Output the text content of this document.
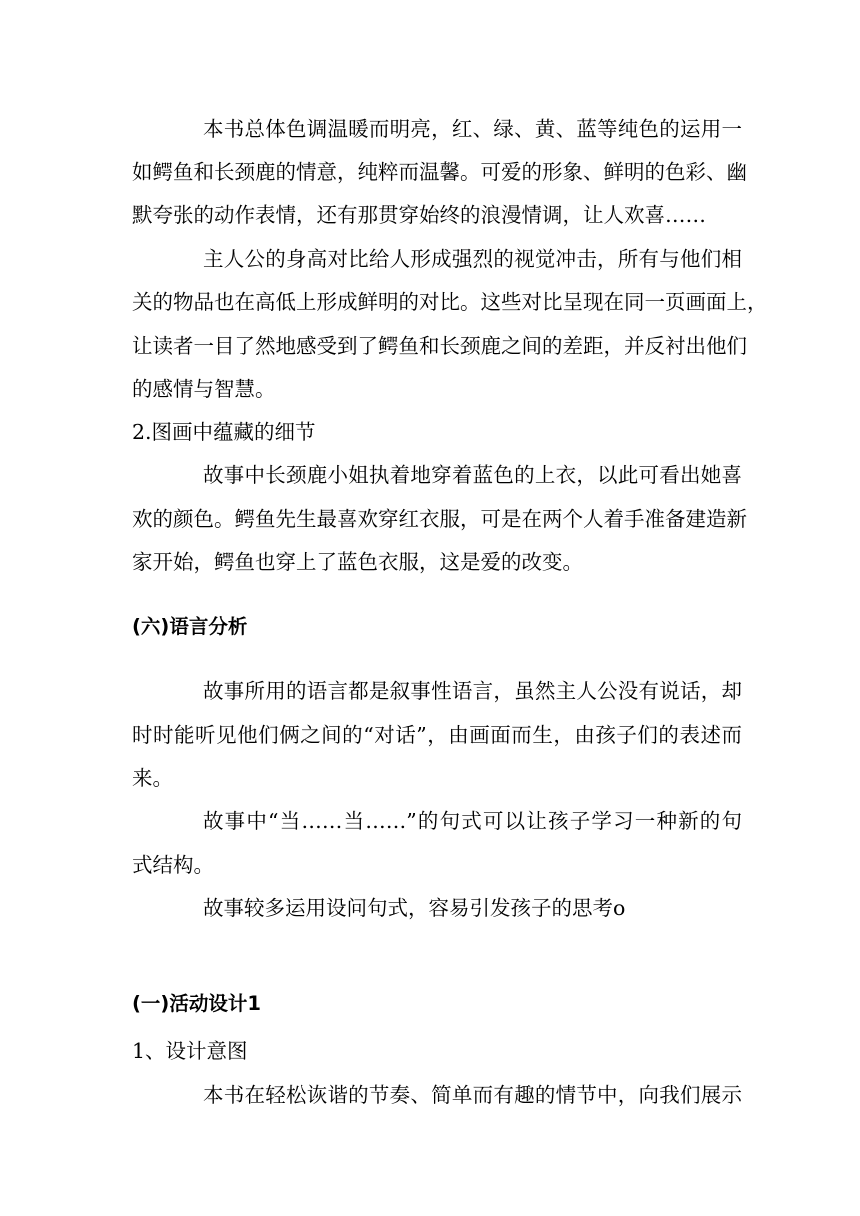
本书总体色调温暖而明亮，红、绿、黄、蓝等纯色的运用一
如鳄鱼和长颈鹿的情意，纯粹而温馨。可爱的形象、鲜明的色彩、幽
默夸张的动作表情，还有那贯穿始终的浪漫情调，让人欢喜……
主人公的身高对比给人形成强烈的视觉冲击，所有与他们相
关的物品也在高低上形成鲜明的对比。这些对比呈现在同一页画面上，
让读者一目了然地感受到了鳄鱼和长颈鹿之间的差距，并反衬出他们
的感情与智慧。
2.图画中蕴藏的细节
故事中长颈鹿小姐执着地穿着蓝色的上衣，以此可看出她喜
欢的颜色。鳄鱼先生最喜欢穿红衣服，可是在两个人着手准备建造新
家开始，鳄鱼也穿上了蓝色衣服，这是爱的改变。
(六)语言分析
故事所用的语言都是叙事性语言，虽然主人公没有说话，却
时时能听见他们俩之间的“对话”，由画面而生，由孩子们的表述而
来。
故事中“当……当……”的句式可以让孩子学习一种新的句
式结构。
故事较多运用设问句式，容易引发孩子的思考o
(一)活动设计1
1、设计意图
本书在轻松诙谐的节奏、简单而有趣的情节中，向我们展示
